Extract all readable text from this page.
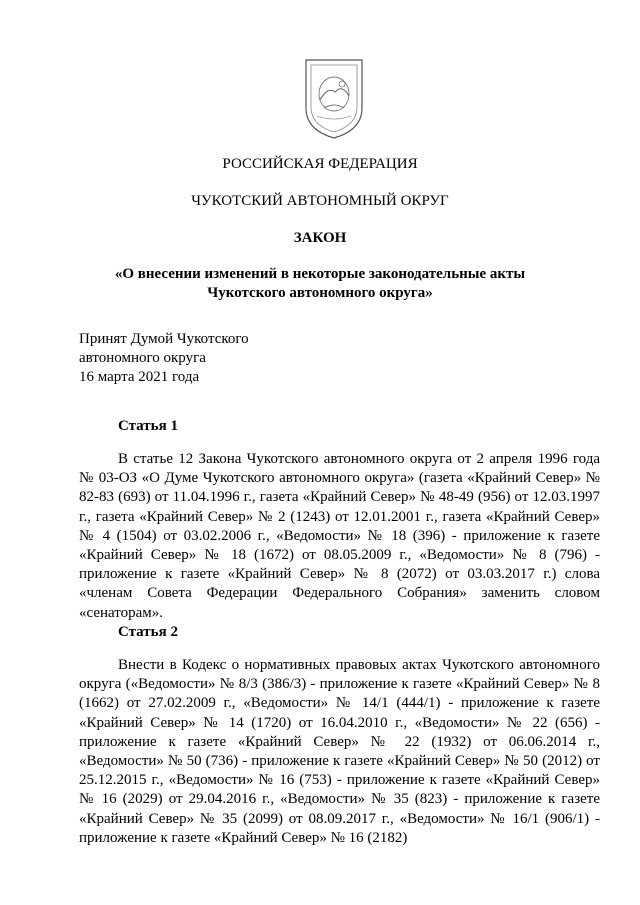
РОССИЙСКАЯ ФЕДЕРАЦИЯ
ЧУКОТСКИЙ АВТОНОМНЫЙ ОКРУГ
ЗАКОН
«О внесении изменений в некоторые законодательные акты
Чукотского автономного округа»
Принят Думой Чукотского
автономного округа
16 марта 2021 года
Статья 1
В статье 12 Закона Чукотского автономного округа от 2 апреля 1996 года № 03-ОЗ «О Думе Чукотского автономного округа» (газета «Крайний Север» № 82-83 (693) от 11.04.1996 г., газета «Крайний Север» № 48-49 (956) от 12.03.1997 г., газета «Крайний Север» № 2 (1243) от 12.01.2001 г., газета «Крайний Север» № 4 (1504) от 03.02.2006 г., «Ведомости» № 18 (396) - приложение к газете «Крайний Север» № 18 (1672) от 08.05.2009 г., «Ведомости» № 8 (796) - приложение к газете «Крайний Север» № 8 (2072) от 03.03.2017 г.) слова «членам Совета Федерации Федерального Собрания» заменить словом «сенаторам».
Статья 2
Внести в Кодекс о нормативных правовых актах Чукотского автономного округа («Ведомости» № 8/3 (386/3) - приложение к газете «Крайний Север» № 8 (1662) от 27.02.2009 г., «Ведомости» № 14/1 (444/1) - приложение к газете «Крайний Север» № 14 (1720) от 16.04.2010 г., «Ведомости» № 22 (656) - приложение к газете «Крайний Север» № 22 (1932) от 06.06.2014 г., «Ведомости» № 50 (736) - приложение к газете «Крайний Север» № 50 (2012) от 25.12.2015 г., «Ведомости» № 16 (753) - приложение к газете «Крайний Север» № 16 (2029) от 29.04.2016 г., «Ведомости» № 35 (823) - приложение к газете «Крайний Север» № 35 (2099) от 08.09.2017 г., «Ведомости» № 16/1 (906/1) - приложение к газете «Крайний Север» № 16 (2182)
